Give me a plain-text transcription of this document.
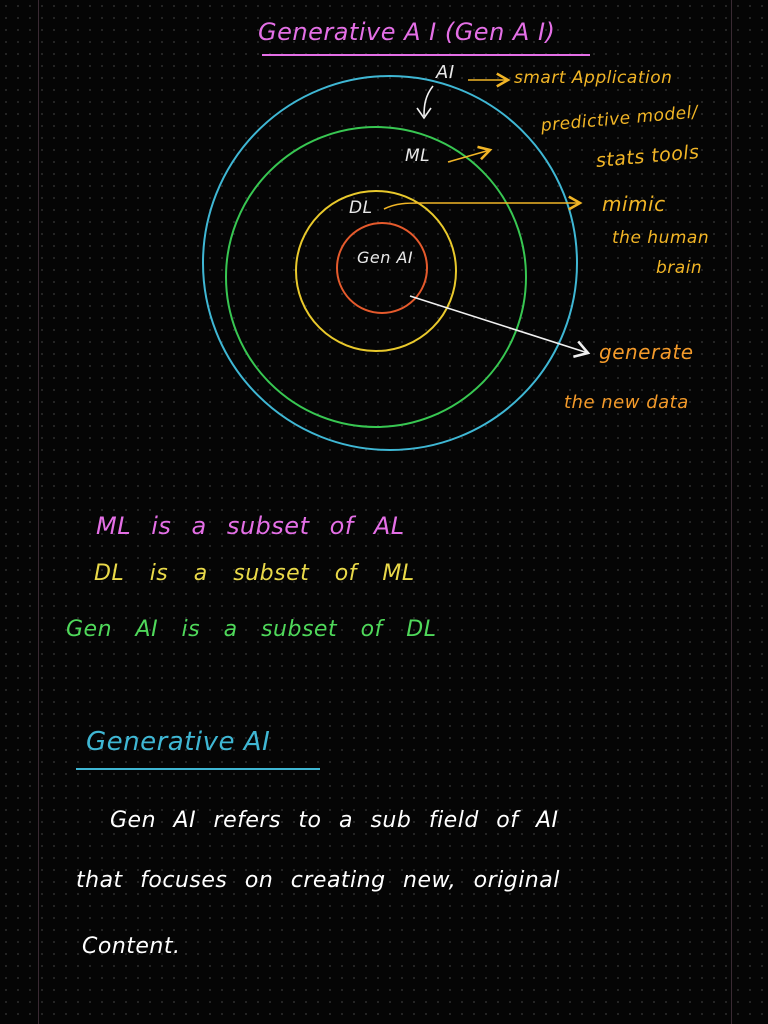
Generative A I (Gen A I)
AI
ML
DL
Gen AI
smart Application
predictive model/
stats tools
mimic
the human
brain
generate
the new data
ML is a subset of AL
DL is a subset of ML
Gen AI is a subset of DL
Generative AI
Gen AI refers to a sub field of AI
that focuses on creating new, original
Content.
